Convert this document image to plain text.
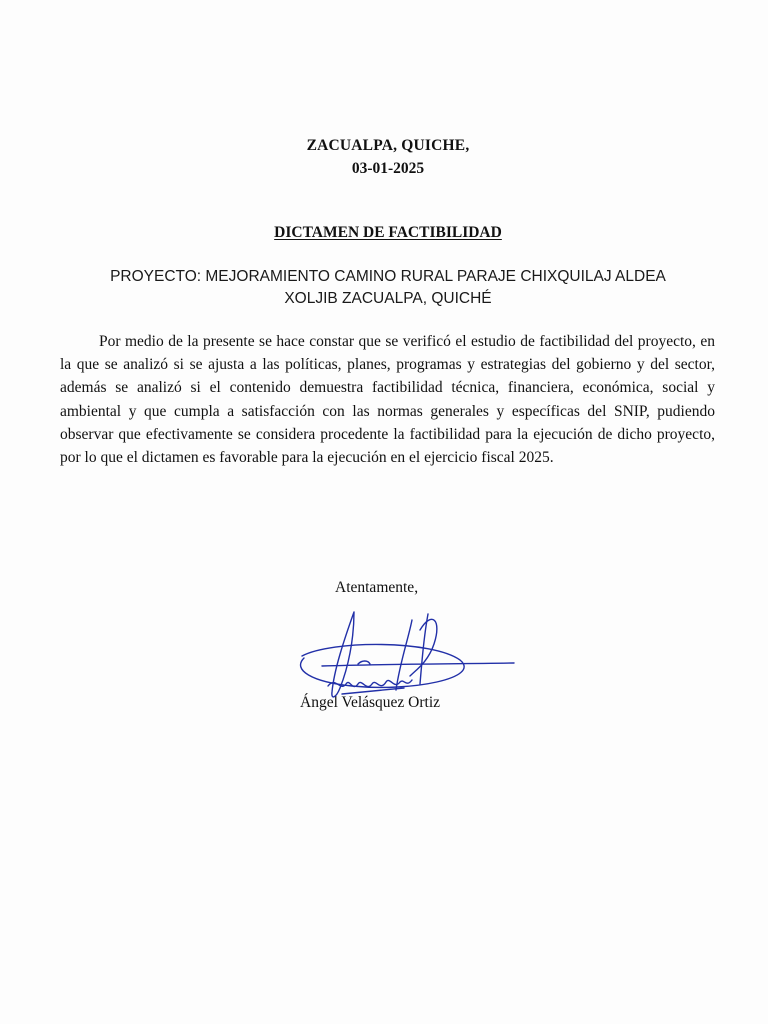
ZACUALPA, QUICHE,
03-01-2025
DICTAMEN DE FACTIBILIDAD
PROYECTO: MEJORAMIENTO CAMINO RURAL PARAJE CHIXQUILAJ ALDEA
XOLJIB ZACUALPA, QUICHÉ

Por medio de la presente se hace constar que se verificó el estudio de factibilidad del proyecto, en la que se analizó si se ajusta a las políticas, planes, programas y estrategias del gobierno y del sector, además se analizó si el contenido demuestra factibilidad técnica, financiera, económica, social y ambiental y que cumpla a satisfacción con las normas generales y específicas del SNIP, pudiendo observar que efectivamente se considera procedente la factibilidad para la ejecución de dicho proyecto, por lo que el dictamen es favorable para la ejecución en el ejercicio fiscal 2025.

Atentamente,
Ángel Velásquez Ortiz
